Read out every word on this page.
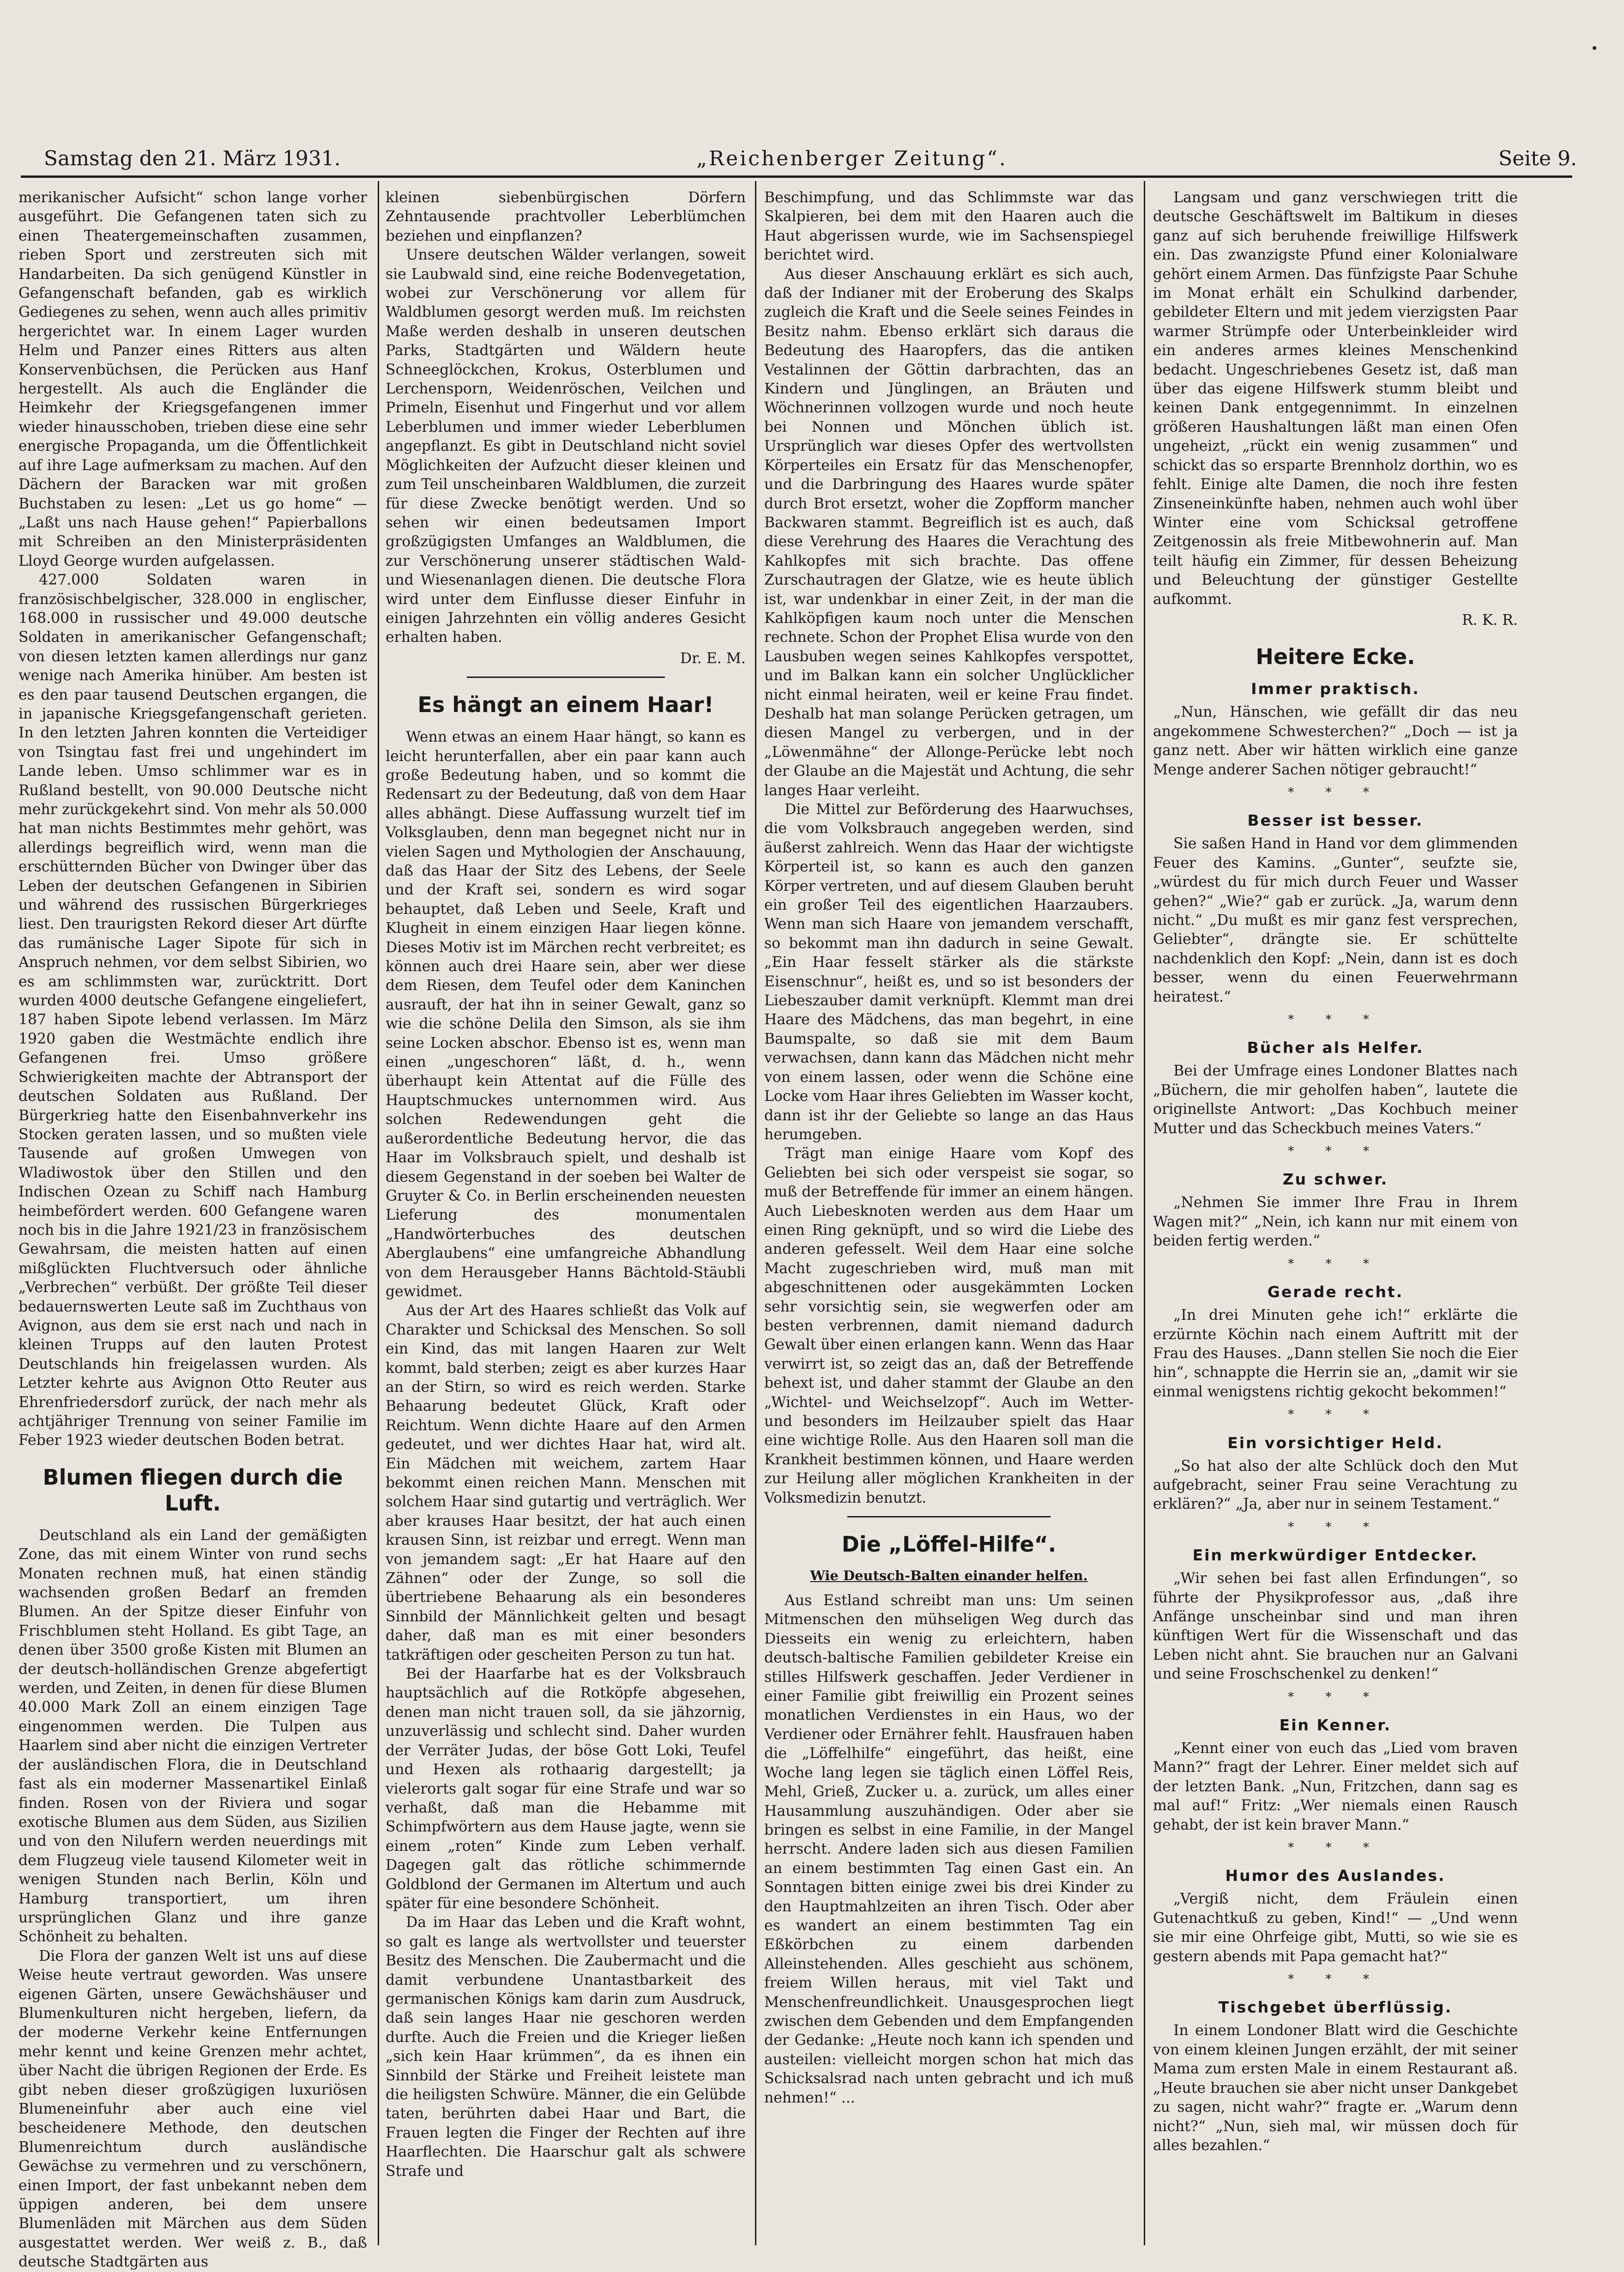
Samstag den 21. März 1931.	„Reichenberger Zeitung“.	Seite 9.

merikanischer Aufsicht“ schon lange vorher ausgeführt. Die Gefangenen taten sich zu einen Theatergemeinschaften zusammen, rieben Sport und zerstreuten sich mit Handarbeiten. Da sich genügend Künstler in Gefangenschaft befanden, gab es wirklich Gediegenes zu sehen, wenn auch alles primitiv hergerichtet war. In einem Lager wurden Helm und Panzer eines Ritters aus alten Konservenbüchsen, die Perücken aus Hanf hergestellt. Als auch die Engländer die Heimkehr der Kriegsgefangenen immer wieder hinausschoben, trieben diese eine sehr energische Propaganda, um die Öffentlichkeit auf ihre Lage aufmerksam zu machen. Auf den Dächern der Baracken war mit großen Buchstaben zu lesen: „Let us go home“ — „Laßt uns nach Hause gehen!“ Papierballons mit Schreiben an den Ministerpräsidenten Lloyd George wurden aufgelassen.

427.000 Soldaten waren in französischbelgischer, 328.000 in englischer, 168.000 in russischer und 49.000 deutsche Soldaten in amerikanischer Gefangenschaft; von diesen letzten kamen allerdings nur ganz wenige nach Amerika hinüber. Am besten ist es den paar tausend Deutschen ergangen, die in japanische Kriegsgefangenschaft gerieten. In den letzten Jahren konnten die Verteidiger von Tsingtau fast frei und ungehindert im Lande leben. Umso schlimmer war es in Rußland bestellt, von 90.000 Deutsche nicht mehr zurückgekehrt sind. Von mehr als 50.000 hat man nichts Bestimmtes mehr gehört, was allerdings begreiflich wird, wenn man die erschütternden Bücher von Dwinger über das Leben der deutschen Gefangenen in Sibirien und während des russischen Bürgerkrieges liest. Den traurigsten Rekord dieser Art dürfte das rumänische Lager Sipote für sich in Anspruch nehmen, vor dem selbst Sibirien, wo es am schlimmsten war, zurücktritt. Dort wurden 4000 deutsche Gefangene eingeliefert, 187 haben Sipote lebend verlassen. Im März 1920 gaben die Westmächte endlich ihre Gefangenen frei. Umso größere Schwierigkeiten machte der Abtransport der deutschen Soldaten aus Rußland. Der Bürgerkrieg hatte den Eisenbahnverkehr ins Stocken geraten lassen, und so mußten viele Tausende auf großen Umwegen von Wladiwostok über den Stillen und den Indischen Ozean zu Schiff nach Hamburg heimbefördert werden. 600 Gefangene waren noch bis in die Jahre 1921/23 in französischem Gewahrsam, die meisten hatten auf einen mißglückten Fluchtversuch oder ähnliche „Verbrechen“ verbüßt. Der größte Teil dieser bedauernswerten Leute saß im Zuchthaus von Avignon, aus dem sie erst nach und nach in kleinen Trupps auf den lauten Protest Deutschlands hin freigelassen wurden. Als Letzter kehrte aus Avignon Otto Reuter aus Ehrenfriedersdorf zurück, der nach mehr als achtjähriger Trennung von seiner Familie im Feber 1923 wieder deutschen Boden betrat.

Blumen fliegen durch die Luft.

Deutschland als ein Land der gemäßigten Zone, das mit einem Winter von rund sechs Monaten rechnen muß, hat einen ständig wachsenden großen Bedarf an fremden Blumen. An der Spitze dieser Einfuhr von Frischblumen steht Holland. Es gibt Tage, an denen über 3500 große Kisten mit Blumen an der deutsch-holländischen Grenze abgefertigt werden, und Zeiten, in denen für diese Blumen 40.000 Mark Zoll an einem einzigen Tage eingenommen werden. Die Tulpen aus Haarlem sind aber nicht die einzigen Vertreter der ausländischen Flora, die in Deutschland fast als ein moderner Massenartikel Einlaß finden. Rosen von der Riviera und sogar exotische Blumen aus dem Süden, aus Sizilien und von den Nilufern werden neuerdings mit dem Flugzeug viele tausend Kilometer weit in wenigen Stunden nach Berlin, Köln und Hamburg transportiert, um ihren ursprünglichen Glanz und ihre ganze Schönheit zu behalten.

Die Flora der ganzen Welt ist uns auf diese Weise heute vertraut geworden. Was unsere eigenen Gärten, unsere Gewächshäuser und Blumenkulturen nicht hergeben, liefern, da der moderne Verkehr keine Entfernungen mehr kennt und keine Grenzen mehr achtet, über Nacht die übrigen Regionen der Erde. Es gibt neben dieser großzügigen luxuriösen Blumeneinfuhr aber auch eine viel bescheidenere Methode, den deutschen Blumenreichtum durch ausländische Gewächse zu vermehren und zu verschönern, einen Import, der fast unbekannt neben dem üppigen anderen, bei dem unsere Blumenläden mit Märchen aus dem Süden ausgestattet werden. Wer weiß z. B., daß deutsche Stadtgärten aus

kleinen siebenbürgischen Dörfern Zehntausende prachtvoller Leberblümchen beziehen und einpflanzen?

Unsere deutschen Wälder verlangen, soweit sie Laubwald sind, eine reiche Bodenvegetation, wobei zur Verschönerung vor allem für Waldblumen gesorgt werden muß. Im reichsten Maße werden deshalb in unseren deutschen Parks, Stadtgärten und Wäldern heute Schneeglöckchen, Krokus, Osterblumen und Lerchensporn, Weidenröschen, Veilchen und Primeln, Eisenhut und Fingerhut und vor allem Leberblumen und immer wieder Leberblumen angepflanzt. Es gibt in Deutschland nicht soviel Möglichkeiten der Aufzucht dieser kleinen und zum Teil unscheinbaren Waldblumen, die zurzeit für diese Zwecke benötigt werden. Und so sehen wir einen bedeutsamen Import großzügigsten Umfanges an Waldblumen, die zur Verschönerung unserer städtischen Wald- und Wiesenanlagen dienen. Die deutsche Flora wird unter dem Einflusse dieser Einfuhr in einigen Jahrzehnten ein völlig anderes Gesicht erhalten haben.

Dr. E. M.
Es hängt an einem Haar!

Wenn etwas an einem Haar hängt, so kann es leicht herunterfallen, aber ein paar kann auch große Bedeutung haben, und so kommt die Redensart zu der Bedeutung, daß von dem Haar alles abhängt. Diese Auffassung wurzelt tief im Volksglauben, denn man begegnet nicht nur in vielen Sagen und Mythologien der Anschauung, daß das Haar der Sitz des Lebens, der Seele und der Kraft sei, sondern es wird sogar behauptet, daß Leben und Seele, Kraft und Klugheit in einem einzigen Haar liegen könne. Dieses Motiv ist im Märchen recht verbreitet; es können auch drei Haare sein, aber wer diese dem Riesen, dem Teufel oder dem Kaninchen ausrauft, der hat ihn in seiner Gewalt, ganz so wie die schöne Delila den Simson, als sie ihm seine Locken abschor. Ebenso ist es, wenn man einen „ungeschoren“ läßt, d. h., wenn überhaupt kein Attentat auf die Fülle des Hauptschmuckes unternommen wird. Aus solchen Redewendungen geht die außerordentliche Bedeutung hervor, die das Haar im Volksbrauch spielt, und deshalb ist diesem Gegenstand in der soeben bei Walter de Gruyter & Co. in Berlin erscheinenden neuesten Lieferung des monumentalen „Handwörterbuches des deutschen Aberglaubens“ eine umfangreiche Abhandlung von dem Herausgeber Hanns Bächtold-Stäubli gewidmet.

Aus der Art des Haares schließt das Volk auf Charakter und Schicksal des Menschen. So soll ein Kind, das mit langen Haaren zur Welt kommt, bald sterben; zeigt es aber kurzes Haar an der Stirn, so wird es reich werden. Starke Behaarung bedeutet Glück, Kraft oder Reichtum. Wenn dichte Haare auf den Armen gedeutet, und wer dichtes Haar hat, wird alt. Ein Mädchen mit weichem, zartem Haar bekommt einen reichen Mann. Menschen mit solchem Haar sind gutartig und verträglich. Wer aber krauses Haar besitzt, der hat auch einen krausen Sinn, ist reizbar und erregt. Wenn man von jemandem sagt: „Er hat Haare auf den Zähnen“ oder der Zunge, so soll die übertriebene Behaarung als ein besonderes Sinnbild der Männlichkeit gelten und besagt daher, daß man es mit einer besonders tatkräftigen oder gescheiten Person zu tun hat.

Bei der Haarfarbe hat es der Volksbrauch hauptsächlich auf die Rotköpfe abgesehen, denen man nicht trauen soll, da sie jähzornig, unzuverlässig und schlecht sind. Daher wurden der Verräter Judas, der böse Gott Loki, Teufel und Hexen als rothaarig dargestellt; ja vielerorts galt sogar für eine Strafe und war so verhaßt, daß man die Hebamme mit Schimpfwörtern aus dem Hause jagte, wenn sie einem „roten“ Kinde zum Leben verhalf. Dagegen galt das rötliche schimmernde Goldblond der Germanen im Altertum und auch später für eine besondere Schönheit.

Da im Haar das Leben und die Kraft wohnt, so galt es lange als wertvollster und teuerster Besitz des Menschen. Die Zaubermacht und die damit verbundene Unantastbarkeit des germanischen Königs kam darin zum Ausdruck, daß sein langes Haar nie geschoren werden durfte. Auch die Freien und die Krieger ließen „sich kein Haar krümmen“, da es ihnen ein Sinnbild der Stärke und Freiheit leistete man die heiligsten Schwüre. Männer, die ein Gelübde taten, berührten dabei Haar und Bart, die Frauen legten die Finger der Rechten auf ihre Haarflechten. Die Haarschur galt als schwere Strafe und

Beschimpfung, und das Schlimmste war das Skalpieren, bei dem mit den Haaren auch die Haut abgerissen wurde, wie im Sachsenspiegel berichtet wird.

Aus dieser Anschauung erklärt es sich auch, daß der Indianer mit der Eroberung des Skalps zugleich die Kraft und die Seele seines Feindes in Besitz nahm. Ebenso erklärt sich daraus die Bedeutung des Haaropfers, das die antiken Vestalinnen der Göttin darbrachten, das an Kindern und Jünglingen, an Bräuten und Wöchnerinnen vollzogen wurde und noch heute bei Nonnen und Mönchen üblich ist. Ursprünglich war dieses Opfer des wertvollsten Körperteiles ein Ersatz für das Menschenopfer, und die Darbringung des Haares wurde später durch Brot ersetzt, woher die Zopfform mancher Backwaren stammt. Begreiflich ist es auch, daß diese Verehrung des Haares die Verachtung des Kahlkopfes mit sich brachte. Das offene Zurschautragen der Glatze, wie es heute üblich ist, war undenkbar in einer Zeit, in der man die Kahlköpfigen kaum noch unter die Menschen rechnete. Schon der Prophet Elisa wurde von den Lausbuben wegen seines Kahlkopfes verspottet, und im Balkan kann ein solcher Unglücklicher nicht einmal heiraten, weil er keine Frau findet. Deshalb hat man solange Perücken getragen, um diesen Mangel zu verbergen, und in der „Löwenmähne“ der Allonge-Perücke lebt noch der Glaube an die Majestät und Achtung, die sehr langes Haar verleiht.

Die Mittel zur Beförderung des Haarwuchses, die vom Volksbrauch angegeben werden, sind äußerst zahlreich. Wenn das Haar der wichtigste Körperteil ist, so kann es auch den ganzen Körper vertreten, und auf diesem Glauben beruht ein großer Teil des eigentlichen Haarzaubers. Wenn man sich Haare von jemandem verschafft, so bekommt man ihn dadurch in seine Gewalt. „Ein Haar fesselt stärker als die stärkste Eisenschnur“, heißt es, und so ist besonders der Liebeszauber damit verknüpft. Klemmt man drei Haare des Mädchens, das man begehrt, in eine Baumspalte, so daß sie mit dem Baum verwachsen, dann kann das Mädchen nicht mehr von einem lassen, oder wenn die Schöne eine Locke vom Haar ihres Geliebten im Wasser kocht, dann ist ihr der Geliebte so lange an das Haus herumgeben.

Trägt man einige Haare vom Kopf des Geliebten bei sich oder verspeist sie sogar, so muß der Betreffende für immer an einem hängen. Auch Liebesknoten werden aus dem Haar um einen Ring geknüpft, und so wird die Liebe des anderen gefesselt. Weil dem Haar eine solche Macht zugeschrieben wird, muß man mit abgeschnittenen oder ausgekämmten Locken sehr vorsichtig sein, sie wegwerfen oder am besten verbrennen, damit niemand dadurch Gewalt über einen erlangen kann. Wenn das Haar verwirrt ist, so zeigt das an, daß der Betreffende behext ist, und daher stammt der Glaube an den „Wichtel- und Weichselzopf“. Auch im Wetter- und besonders im Heilzauber spielt das Haar eine wichtige Rolle. Aus den Haaren soll man die Krankheit bestimmen können, und Haare werden zur Heilung aller möglichen Krankheiten in der Volksmedizin benutzt.

Die „Löffel-Hilfe“.
Wie Deutsch-Balten einander helfen.

Aus Estland schreibt man uns: Um seinen Mitmenschen den mühseligen Weg durch das Diesseits ein wenig zu erleichtern, haben deutsch-baltische Familien gebildeter Kreise ein stilles Hilfswerk geschaffen. Jeder Verdiener in einer Familie gibt freiwillig ein Prozent seines monatlichen Verdienstes in ein Haus, wo der Verdiener oder Ernährer fehlt. Hausfrauen haben die „Löffelhilfe“ eingeführt, das heißt, eine Woche lang legen sie täglich einen Löffel Reis, Mehl, Grieß, Zucker u. a. zurück, um alles einer Hausammlung auszuhändigen. Oder aber sie bringen es selbst in eine Familie, in der Mangel herrscht. Andere laden sich aus diesen Familien an einem bestimmten Tag einen Gast ein. An Sonntagen bitten einige zwei bis drei Kinder zu den Hauptmahlzeiten an ihren Tisch. Oder aber es wandert an einem bestimmten Tag ein Eßkörbchen zu einem darbenden Alleinstehenden. Alles geschieht aus schönem, freiem Willen heraus, mit viel Takt und Menschenfreundlichkeit. Unausgesprochen liegt zwischen dem Gebenden und dem Empfangenden der Gedanke: „Heute noch kann ich spenden und austeilen: vielleicht morgen schon hat mich das Schicksalsrad nach unten gebracht und ich muß nehmen!“ ...

Langsam und ganz verschwiegen tritt die deutsche Geschäftswelt im Baltikum in dieses ganz auf sich beruhende freiwillige Hilfswerk ein. Das zwanzigste Pfund einer Kolonialware gehört einem Armen. Das fünfzigste Paar Schuhe im Monat erhält ein Schulkind darbender, gebildeter Eltern und mit jedem vierzigsten Paar warmer Strümpfe oder Unterbeinkleider wird ein anderes armes kleines Menschenkind bedacht. Ungeschriebenes Gesetz ist, daß man über das eigene Hilfswerk stumm bleibt und keinen Dank entgegennimmt. In einzelnen größeren Haushaltungen läßt man einen Ofen ungeheizt, „rückt ein wenig zusammen“ und schickt das so ersparte Brennholz dorthin, wo es fehlt. Einige alte Damen, die noch ihre festen Zinseneinkünfte haben, nehmen auch wohl über Winter eine vom Schicksal getroffene Zeitgenossin als freie Mitbewohnerin auf. Man teilt häufig ein Zimmer, für dessen Beheizung und Beleuchtung der günstiger Gestellte aufkommt.

R. K. R.
Heitere Ecke.
Immer praktisch.

„Nun, Hänschen, wie gefällt dir das neu angekommene Schwesterchen?“ „Doch — ist ja ganz nett. Aber wir hätten wirklich eine ganze Menge anderer Sachen nötiger gebraucht!“

* * *
Besser ist besser.

Sie saßen Hand in Hand vor dem glimmenden Feuer des Kamins. „Gunter“, seufzte sie, „würdest du für mich durch Feuer und Wasser gehen?“ „Wie?“ gab er zurück. „Ja, warum denn nicht.“ „Du mußt es mir ganz fest versprechen, Geliebter“, drängte sie. Er schüttelte nachdenklich den Kopf: „Nein, dann ist es doch besser, wenn du einen Feuerwehrmann heiratest.“

* * *
Bücher als Helfer.

Bei der Umfrage eines Londoner Blattes nach „Büchern, die mir geholfen haben“, lautete die originellste Antwort: „Das Kochbuch meiner Mutter und das Scheckbuch meines Vaters.“

* * *
Zu schwer.

„Nehmen Sie immer Ihre Frau in Ihrem Wagen mit?“ „Nein, ich kann nur mit einem von beiden fertig werden.“

* * *
Gerade recht.

„In drei Minuten gehe ich!“ erklärte die erzürnte Köchin nach einem Auftritt mit der Frau des Hauses. „Dann stellen Sie noch die Eier hin“, schnappte die Herrin sie an, „damit wir sie einmal wenigstens richtig gekocht bekommen!“

* * *
Ein vorsichtiger Held.

„So hat also der alte Schlück doch den Mut aufgebracht, seiner Frau seine Verachtung zu erklären?“ „Ja, aber nur in seinem Testament.“

* * *
Ein merkwürdiger Entdecker.

„Wir sehen bei fast allen Erfindungen“, so führte der Physikprofessor aus, „daß ihre Anfänge unscheinbar sind und man ihren künftigen Wert für die Wissenschaft und das Leben nicht ahnt. Sie brauchen nur an Galvani und seine Froschschenkel zu denken!“

* * *
Ein Kenner.

„Kennt einer von euch das „Lied vom braven Mann?“ fragt der Lehrer. Einer meldet sich auf der letzten Bank. „Nun, Fritzchen, dann sag es mal auf!“ Fritz: „Wer niemals einen Rausch gehabt, der ist kein braver Mann.“

* * *
Humor des Auslandes.

„Vergiß nicht, dem Fräulein einen Gutenachtkuß zu geben, Kind!“ — „Und wenn sie mir eine Ohrfeige gibt, Mutti, so wie sie es gestern abends mit Papa gemacht hat?“

* * *
Tischgebet überflüssig.

In einem Londoner Blatt wird die Geschichte von einem kleinen Jungen erzählt, der mit seiner Mama zum ersten Male in einem Restaurant aß. „Heute brauchen sie aber nicht unser Dankgebet zu sagen, nicht wahr?“ fragte er. „Warum denn nicht?“ „Nun, sieh mal, wir müssen doch für alles bezahlen.“
